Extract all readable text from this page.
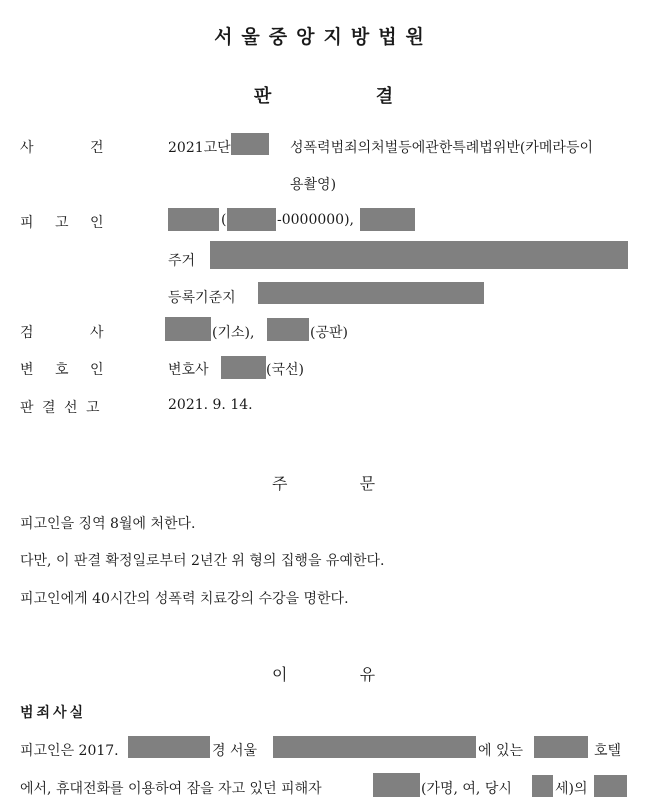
서울중앙지방법원
판	결
사	건	2021고단	성폭력범죄의처벌등에관한특례법위반(카메라등이
용촬영)
피 고 인	(	-0000000),
주거
등록기준지
검	사	(기소),	(공판)
변 호 인	변호사	(국선)
판 결 선 고	2021. 9. 14.
주	문
피고인을 징역 8월에 처한다.
다만, 이 판결 확정일로부터 2년간 위 형의 집행을 유예한다.
피고인에게 40시간의 성폭력 치료강의 수강을 명한다.
이	유
범죄사실
피고인은 2017.	경 서울	에 있는	호텔
에서, 휴대전화를 이용하여 잠을 자고 있던 피해자	(가명, 여, 당시	세)의
